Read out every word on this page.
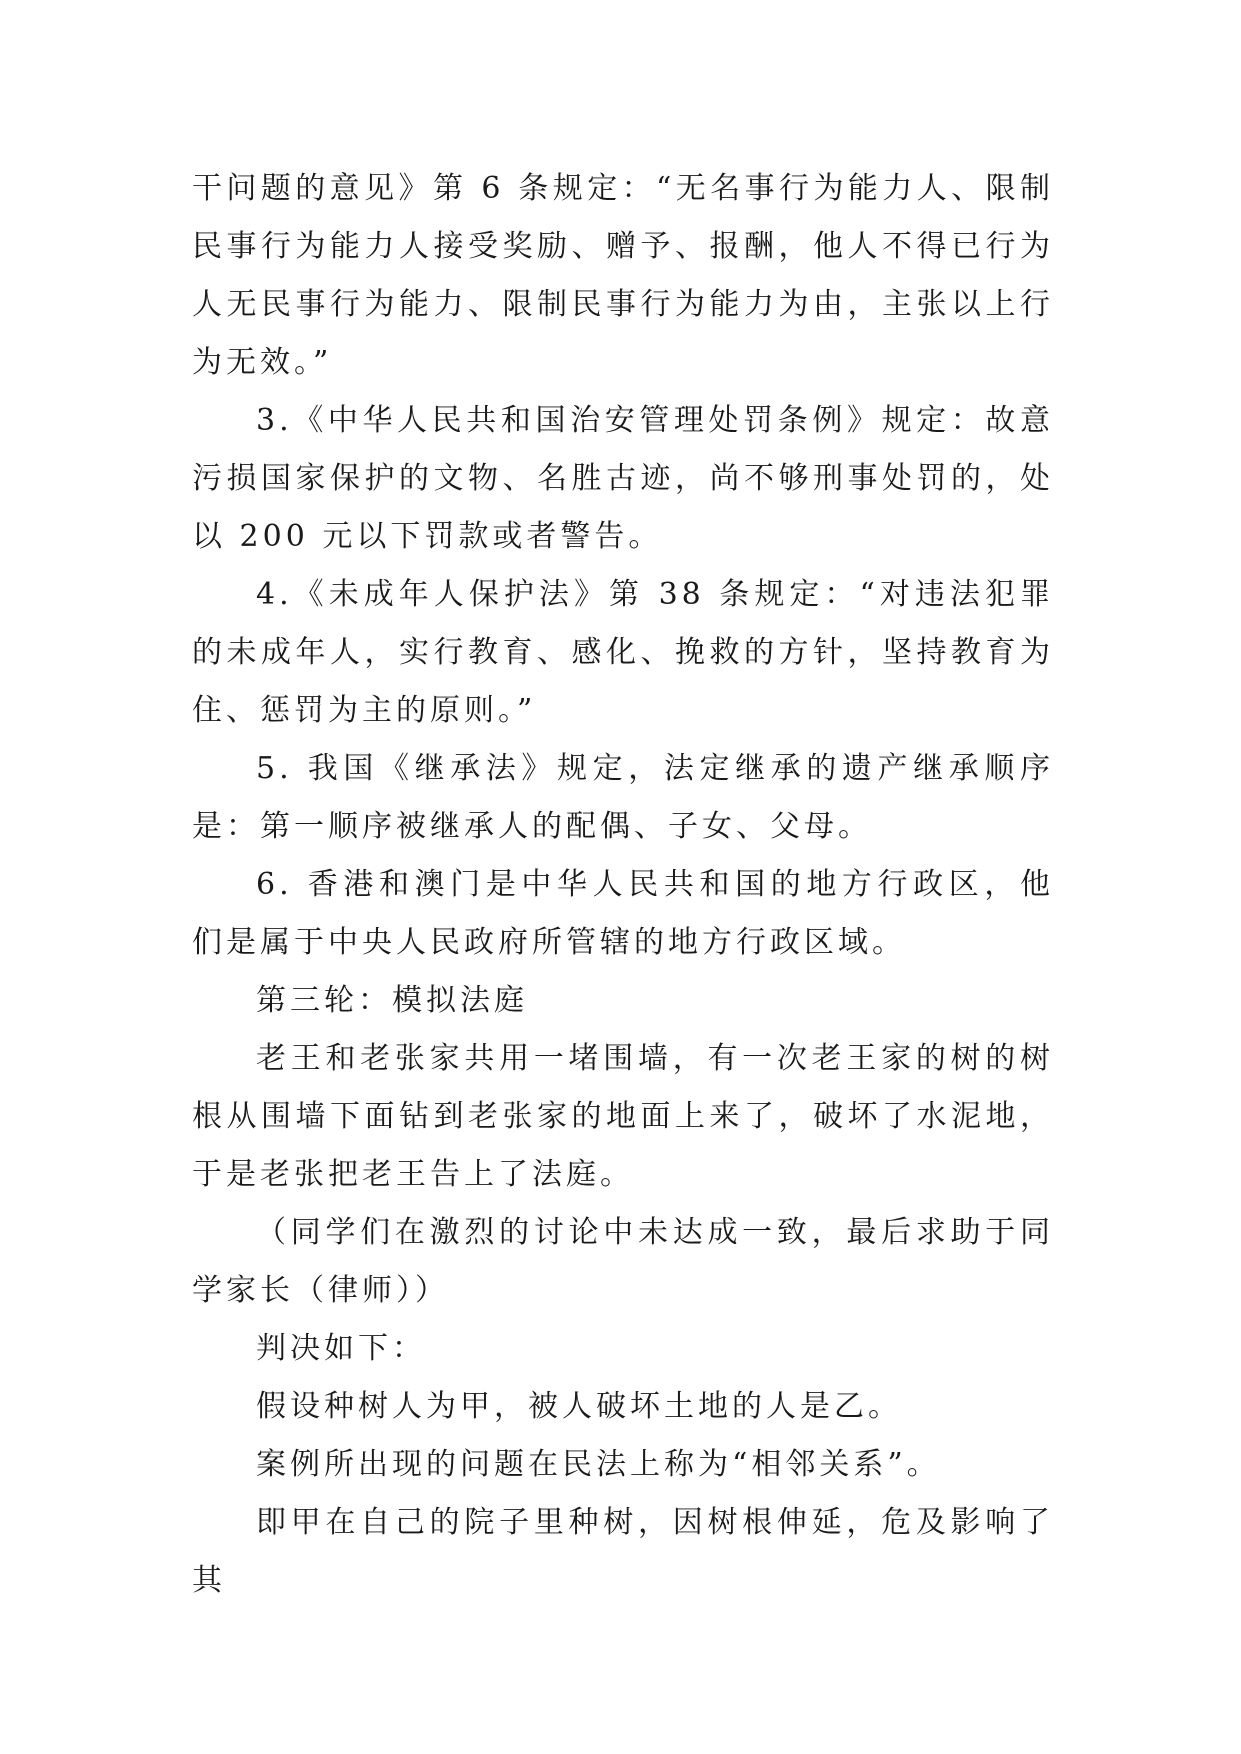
干问题的意见》第 6 条规定：“无名事行为能力人、限制民事行为能力人接受奖励、赠予、报酬，他人不得已行为人无民事行为能力、限制民事行为能力为由，主张以上行为无效。”

3.《中华人民共和国治安管理处罚条例》规定：故意污损国家保护的文物、名胜古迹，尚不够刑事处罚的，处以 200 元以下罚款或者警告。

4.《未成年人保护法》第 38 条规定：“对违法犯罪的未成年人，实行教育、感化、挽救的方针，坚持教育为住、惩罚为主的原则。”

5. 我国《继承法》规定，法定继承的遗产继承顺序是：第一顺序被继承人的配偶、子女、父母。

6. 香港和澳门是中华人民共和国的地方行政区，他们是属于中央人民政府所管辖的地方行政区域。

第三轮：模拟法庭

老王和老张家共用一堵围墙，有一次老王家的树的树根从围墙下面钻到老张家的地面上来了，破坏了水泥地，于是老张把老王告上了法庭。

（同学们在激烈的讨论中未达成一致，最后求助于同学家长（律师））

判决如下：

假设种树人为甲，被人破坏土地的人是乙。

案例所出现的问题在民法上称为“相邻关系”。

即甲在自己的院子里种树，因树根伸延，危及影响了其
